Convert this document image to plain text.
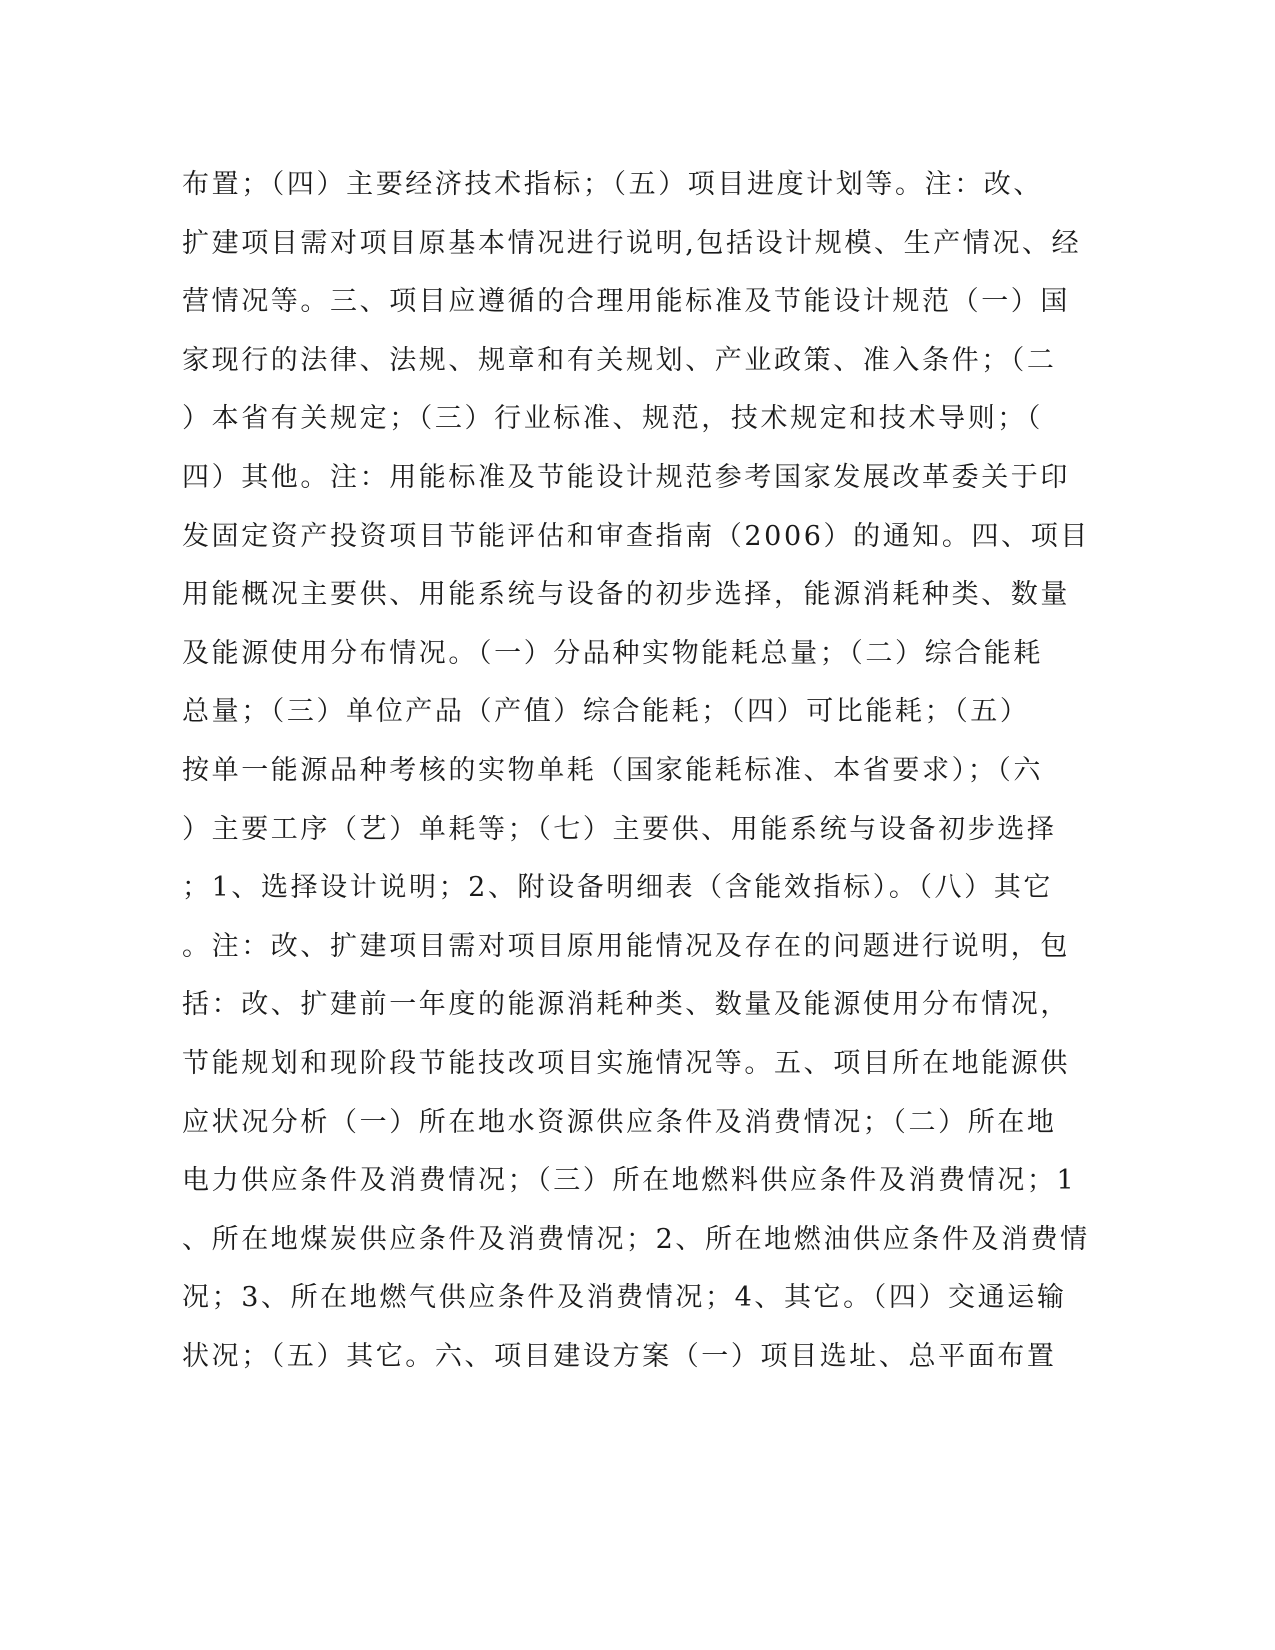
布置；（四）主要经济技术指标；（五）项目进度计划等。注：改、
扩建项目需对项目原基本情况进行说明,包括设计规模、生产情况、经
营情况等。三、项目应遵循的合理用能标准及节能设计规范（一）国
家现行的法律、法规、规章和有关规划、产业政策、准入条件；（二
）本省有关规定；（三）行业标准、规范，技术规定和技术导则；（
四）其他。注：用能标准及节能设计规范参考国家发展改革委关于印
发固定资产投资项目节能评估和审查指南（2006）的通知。四、项目
用能概况主要供、用能系统与设备的初步选择，能源消耗种类、数量
及能源使用分布情况。（一）分品种实物能耗总量；（二）综合能耗
总量；（三）单位产品（产值）综合能耗；（四）可比能耗；（五）
按单一能源品种考核的实物单耗（国家能耗标准、本省要求）；（六
）主要工序（艺）单耗等；（七）主要供、用能系统与设备初步选择
；1、选择设计说明；2、附设备明细表（含能效指标）。（八）其它
。注：改、扩建项目需对项目原用能情况及存在的问题进行说明，包
括：改、扩建前一年度的能源消耗种类、数量及能源使用分布情况，
节能规划和现阶段节能技改项目实施情况等。五、项目所在地能源供
应状况分析（一）所在地水资源供应条件及消费情况；（二）所在地
电力供应条件及消费情况；（三）所在地燃料供应条件及消费情况；1
、所在地煤炭供应条件及消费情况；2、所在地燃油供应条件及消费情
况；3、所在地燃气供应条件及消费情况；4、其它。（四）交通运输
状况；（五）其它。六、项目建设方案（一）项目选址、总平面布置
